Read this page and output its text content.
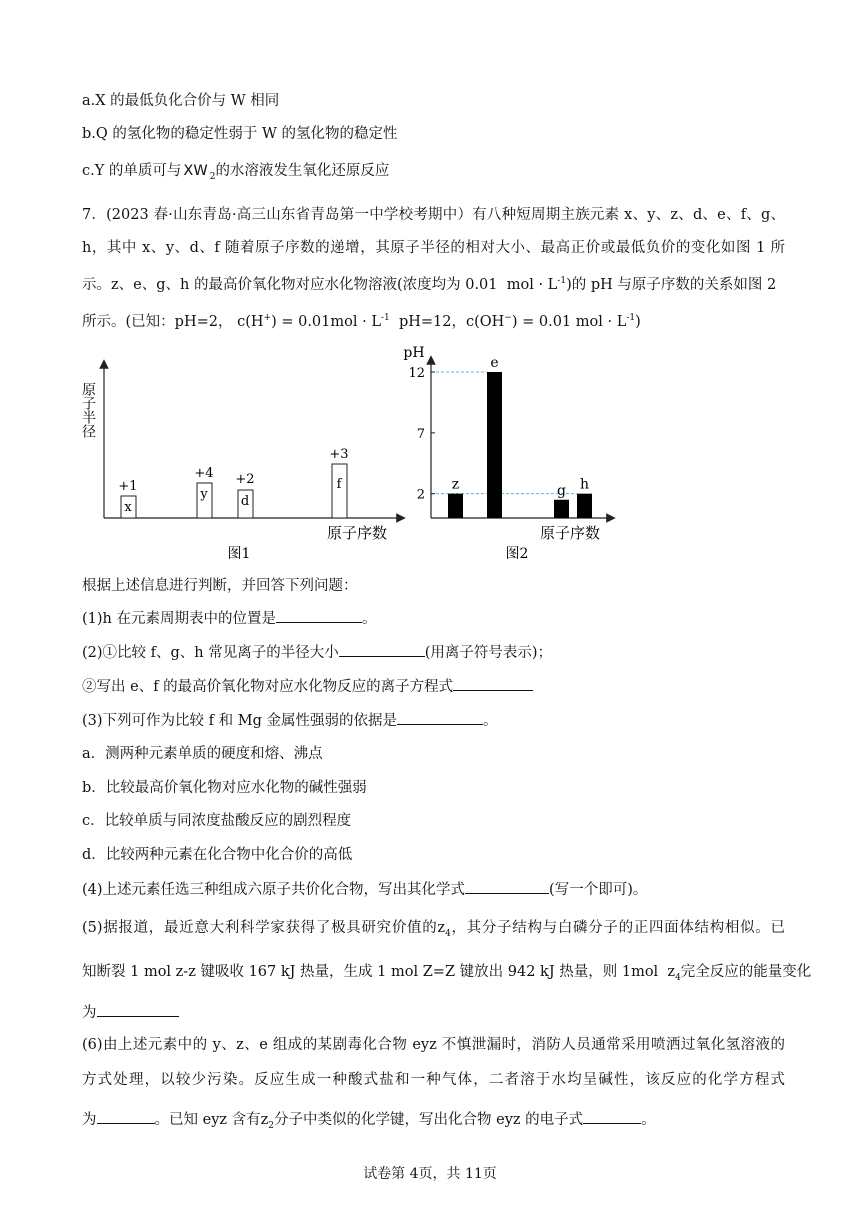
a.X 的最低负化合价与 W 相同
b.Q 的氢化物的稳定性弱于 W 的氢化物的稳定性
c.Y 的单质可与 XW $_2$的水溶液发生氧化还原反应
7．(2023 春·山东青岛·高三山东省青岛第一中学校考期中）有八种短周期主族元素 x、y、z、d、e、f、g、
h，其中 x、y、d、f 随着原子序数的递增，其原子半径的相对大小、最高正价或最低负价的变化如图 1 所
示。z、e、g、h 的最高价氧化物对应水化物溶液(浓度均为 0.01 mol · $L^{-1}$)的 pH 与原子序数的关系如图 2
所示。(已知：pH=2， $c(H^+) = 0.01mol \cdot L^{-1}$ pH=12，c(OH−) = 0.01 mol · $L^{-1}$)
原子半径
原子序数
x
+1
y
+4
d
+2	f
+3
图1
pH
原子序数
图2
2
7
12
z
e
g h
根据上述信息进行判断，并回答下列问题：
(1)h 在元素周期表中的位置是	。
(2)①比较 f、g、h 常见离子的半径大小	(用离子符号表示)；
②写出 e、f 的最高价氧化物对应水化物反应的离子方程式
(3)下列可作为比较 f 和 Mg 金属性强弱的依据是	。
a．测两种元素单质的硬度和熔、沸点
b．比较最高价氧化物对应水化物的碱性强弱
c．比较单质与同浓度盐酸反应的剧烈程度
d．比较两种元素在化合物中化合价的高低
(4)上述元素任选三种组成六原子共价化合物，写出其化学式	(写一个即可)。
(5)据报道，最近意大利科学家获得了极具研究价值的$z_4$，其分子结构与白磷分子的正四面体结构相似。已
知断裂 1 mol z-z 键吸收 167 kJ 热量，生成 1 mol Z=Z 键放出 942 kJ 热量，则 1mol $z_4$完全反应的能量变化
为
(6)由上述元素中的 y、z、e 组成的某剧毒化合物 eyz 不慎泄漏时，消防人员通常采用喷洒过氧化氢溶液的
方式处理，以较少污染。反应生成一种酸式盐和一种气体，二者溶于水均呈碱性，该反应的化学方程式
为	。已知 eyz 含有$z_2$分子中类似的化学键，写出化合物 eyz 的电子式	。
试卷第 4页，共 11页
